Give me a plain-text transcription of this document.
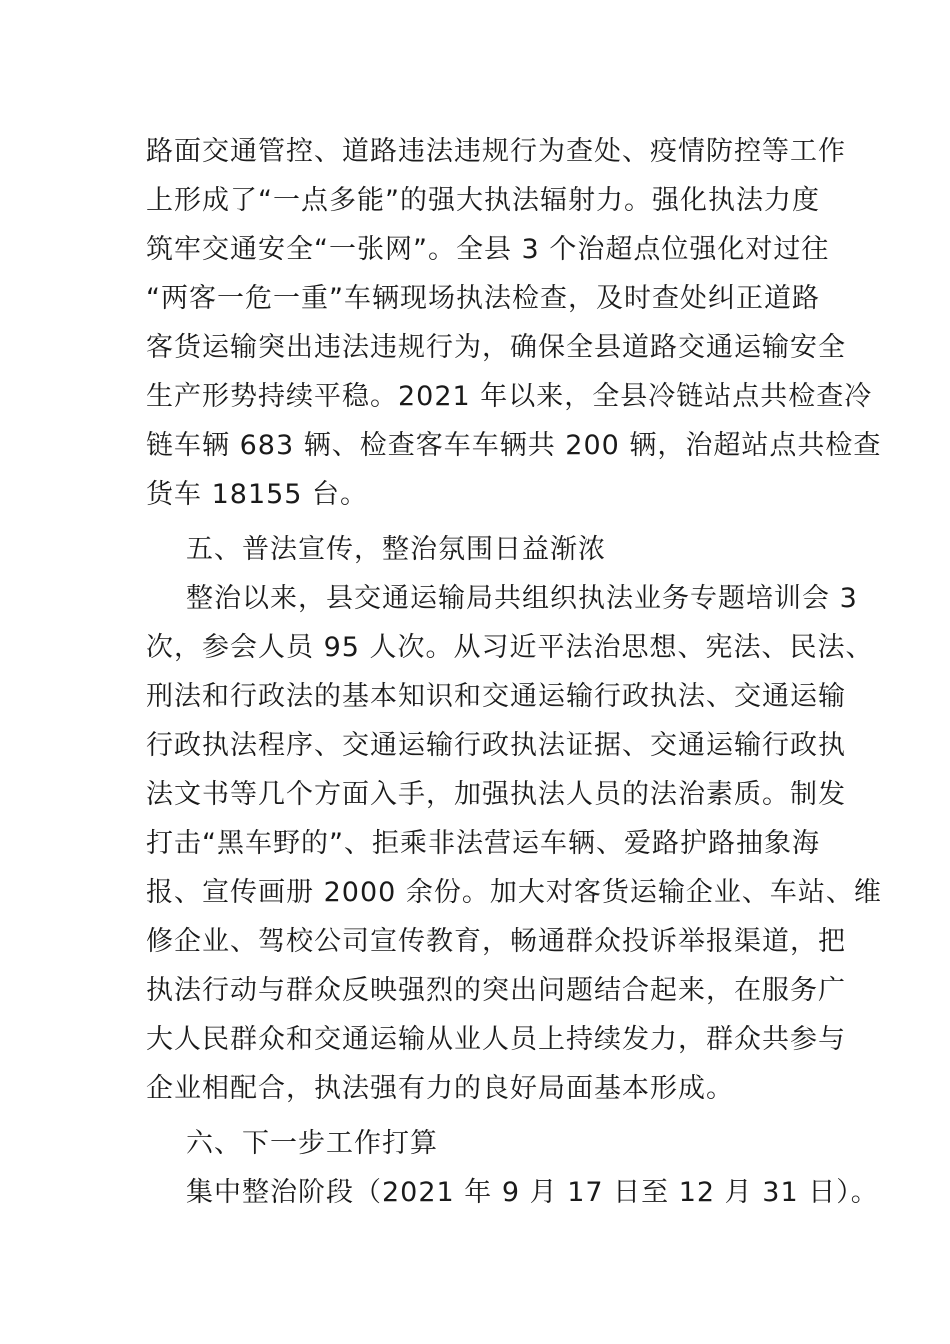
路面交通管控、道路违法违规行为查处、疫情防控等工作
上形成了“一点多能”的强大执法辐射力。强化执法力度
筑牢交通安全“一张网”。全县 3 个治超点位强化对过往
“两客一危一重”车辆现场执法检查，及时查处纠正道路
客货运输突出违法违规行为，确保全县道路交通运输安全
生产形势持续平稳。2021 年以来，全县冷链站点共检查冷
链车辆 683 辆、检查客车车辆共 200 辆，治超站点共检查
货车 18155 台。
五、普法宣传，整治氛围日益渐浓
整治以来，县交通运输局共组织执法业务专题培训会 3
次，参会人员 95 人次。从习近平法治思想、宪法、民法、
刑法和行政法的基本知识和交通运输行政执法、交通运输
行政执法程序、交通运输行政执法证据、交通运输行政执
法文书等几个方面入手，加强执法人员的法治素质。制发
打击“黑车野的”、拒乘非法营运车辆、爱路护路抽象海
报、宣传画册 2000 余份。加大对客货运输企业、车站、维
修企业、驾校公司宣传教育，畅通群众投诉举报渠道，把
执法行动与群众反映强烈的突出问题结合起来，在服务广
大人民群众和交通运输从业人员上持续发力，群众共参与
企业相配合，执法强有力的良好局面基本形成。
六、下一步工作打算
集中整治阶段（2021 年 9 月 17 日至 12 月 31 日）。
